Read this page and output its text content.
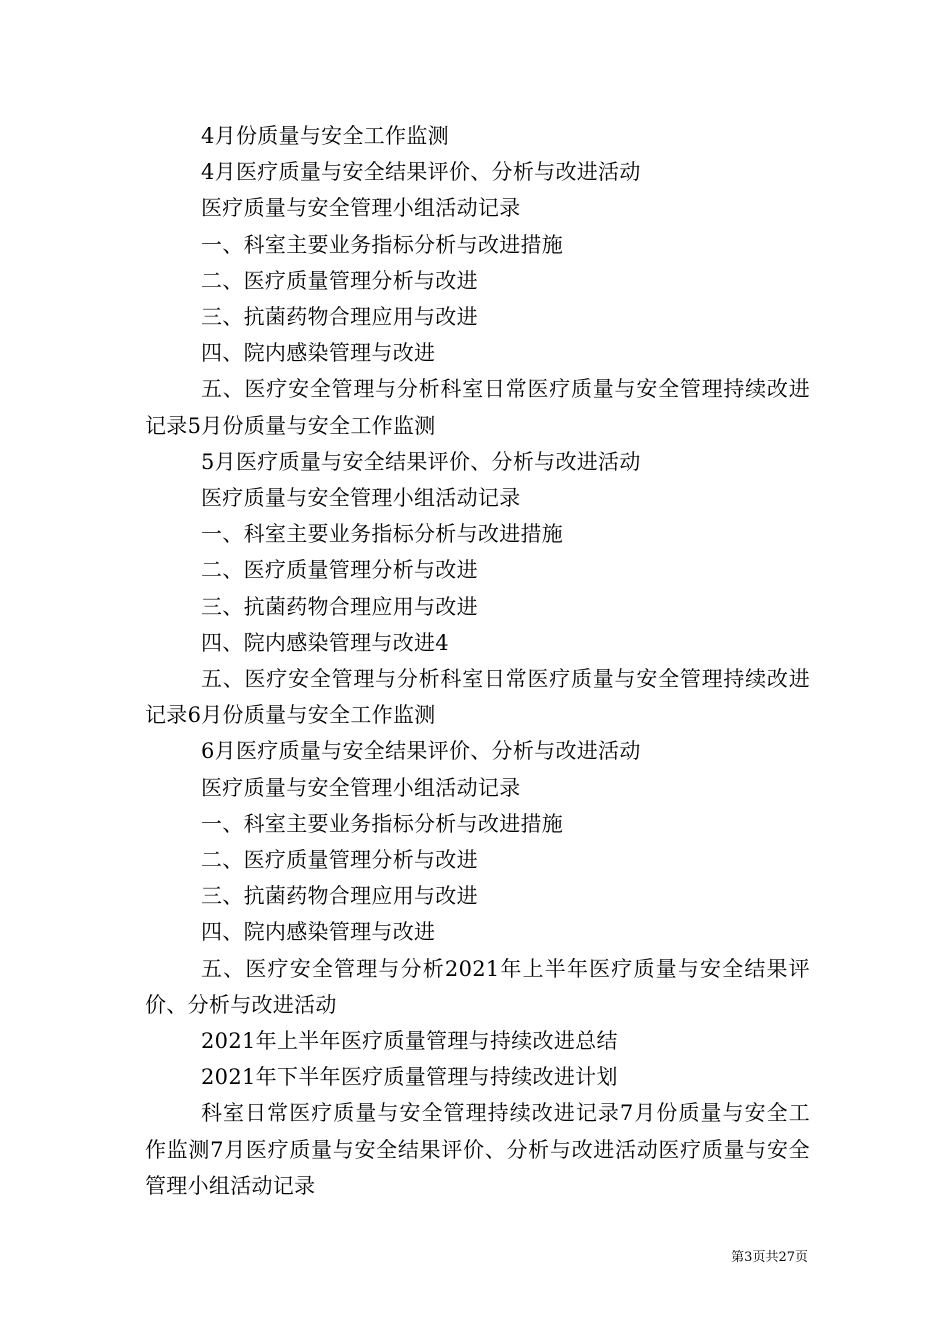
4月份质量与安全工作监测

4月医疗质量与安全结果评价、分析与改进活动

医疗质量与安全管理小组活动记录

一、科室主要业务指标分析与改进措施

二、医疗质量管理分析与改进

三、抗菌药物合理应用与改进

四、院内感染管理与改进

五、医疗安全管理与分析科室日常医疗质量与安全管理持续改进记录5月份质量与安全工作监测

5月医疗质量与安全结果评价、分析与改进活动

医疗质量与安全管理小组活动记录

一、科室主要业务指标分析与改进措施

二、医疗质量管理分析与改进

三、抗菌药物合理应用与改进

四、院内感染管理与改进4

五、医疗安全管理与分析科室日常医疗质量与安全管理持续改进记录6月份质量与安全工作监测

6月医疗质量与安全结果评价、分析与改进活动

医疗质量与安全管理小组活动记录

一、科室主要业务指标分析与改进措施

二、医疗质量管理分析与改进

三、抗菌药物合理应用与改进

四、院内感染管理与改进

五、医疗安全管理与分析2021年上半年医疗质量与安全结果评价、分析与改进活动

2021年上半年医疗质量管理与持续改进总结

2021年下半年医疗质量管理与持续改进计划

科室日常医疗质量与安全管理持续改进记录7月份质量与安全工作监测7月医疗质量与安全结果评价、分析与改进活动医疗质量与安全管理小组活动记录

第3页共27页
